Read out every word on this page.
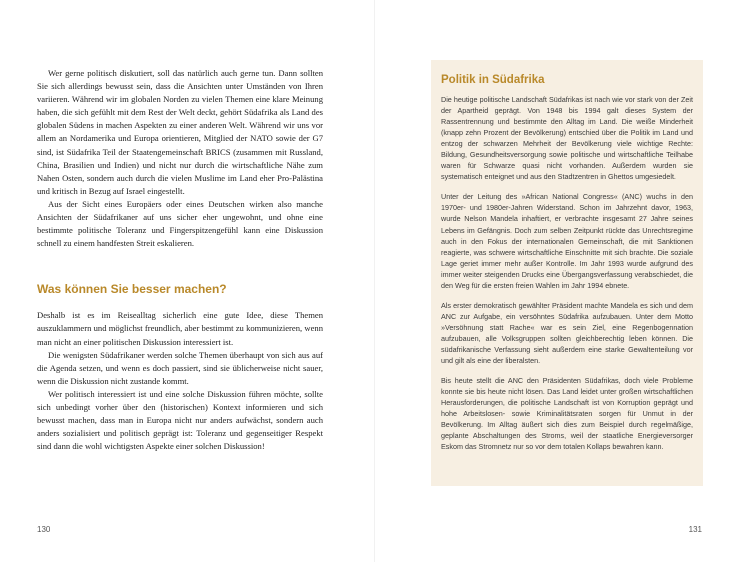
Wer gerne politisch diskutiert, soll das natürlich auch gerne tun. Dann sollten Sie sich allerdings bewusst sein, dass die Ansichten unter Umständen von Ihren variieren. Während wir im globalen Norden zu vielen Themen eine klare Meinung haben, die sich gefühlt mit dem Rest der Welt deckt, gehört Südafrika als Land des globalen Südens in machen Aspekten zu einer anderen Welt. Während wir uns vor allem an Nordamerika und Europa orientieren, Mitglied der NATO sowie der G7 sind, ist Südafrika Teil der Staatengemeinschaft BRICS (zusammen mit Russland, China, Brasilien und Indien) und nicht nur durch die wirtschaftliche Nähe zum Nahen Osten, sondern auch durch die vielen Muslime im Land eher Pro-Palästina und kritisch in Bezug auf Israel eingestellt.

Aus der Sicht eines Europäers oder eines Deutschen wirken also manche Ansichten der Südafrikaner auf uns sicher eher ungewohnt, und ohne eine bestimmte politische Toleranz und Fingerspitzengefühl kann eine Diskussion schnell zu einem handfesten Streit eskalieren.

Was können Sie besser machen?

Deshalb ist es im Reisealltag sicherlich eine gute Idee, diese Themen auszuklammern und möglichst freundlich, aber bestimmt zu kommunizieren, wenn man nicht an einer politischen Diskussion interessiert ist.

Die wenigsten Südafrikaner werden solche Themen überhaupt von sich aus auf die Agenda setzen, und wenn es doch passiert, sind sie üblicherweise nicht sauer, wenn die Diskussion nicht zustande kommt.

Wer politisch interessiert ist und eine solche Diskussion führen möchte, sollte sich unbedingt vorher über den (historischen) Kontext informieren und sich bewusst machen, dass man in Europa nicht nur anders aufwächst, sondern auch anders sozialisiert und politisch geprägt ist: Toleranz und gegenseitiger Respekt sind dann die wohl wichtigsten Aspekte einer solchen Diskussion!

130
Politik in Südafrika

Die heutige politische Landschaft Südafrikas ist nach wie vor stark von der Zeit der Apartheid geprägt. Von 1948 bis 1994 galt dieses System der Rassentrennung und bestimmte den Alltag im Land. Die weiße Minderheit (knapp zehn Prozent der Bevölkerung) entschied über die Politik im Land und entzog der schwarzen Mehrheit der Bevölkerung viele wichtige Rechte: Bildung, Gesundheitsversorgung sowie politische und wirtschaftliche Teilhabe waren für Schwarze quasi nicht vorhanden. Außerdem wurden sie systematisch enteignet und aus den Stadtzentren in Ghettos umgesiedelt.

Unter der Leitung des »African National Congress« (ANC) wuchs in den 1970er- und 1980er-Jahren Widerstand. Schon im Jahrzehnt davor, 1963, wurde Nelson Mandela inhaftiert, er verbrachte insgesamt 27 Jahre seines Lebens im Gefängnis. Doch zum selben Zeitpunkt rückte das Unrechtsregime auch in den Fokus der internationalen Gemeinschaft, die mit Sanktionen reagierte, was schwere wirtschaftliche Einschnitte mit sich brachte. Die soziale Lage geriet immer mehr außer Kontrolle. Im Jahr 1993 wurde aufgrund des immer weiter steigenden Drucks eine Übergangsverfassung verabschiedet, die den Weg für die ersten freien Wahlen im Jahr 1994 ebnete.

Als erster demokratisch gewählter Präsident machte Mandela es sich und dem ANC zur Aufgabe, ein versöhntes Südafrika aufzubauen. Unter dem Motto »Versöhnung statt Rache« war es sein Ziel, eine Regenbogennation aufzubauen, alle Volksgruppen sollten gleichberechtig leben können. Die südafrikanische Verfassung sieht außerdem eine starke Gewaltenteilung vor und gilt als eine der liberalsten.

Bis heute stellt die ANC den Präsidenten Südafrikas, doch viele Probleme konnte sie bis heute nicht lösen. Das Land leidet unter großen wirtschaftlichen Herausforderungen, die politische Landschaft ist von Korruption geprägt und hohe Arbeitslosen- sowie Kriminalitätsraten sorgen für Unmut in der Bevölkerung. Im Alltag äußert sich dies zum Beispiel durch regelmäßige, geplante Abschaltungen des Stroms, weil der staatliche Energieversorger Eskom das Stromnetz nur so vor dem totalen Kollaps bewahren kann.

131
